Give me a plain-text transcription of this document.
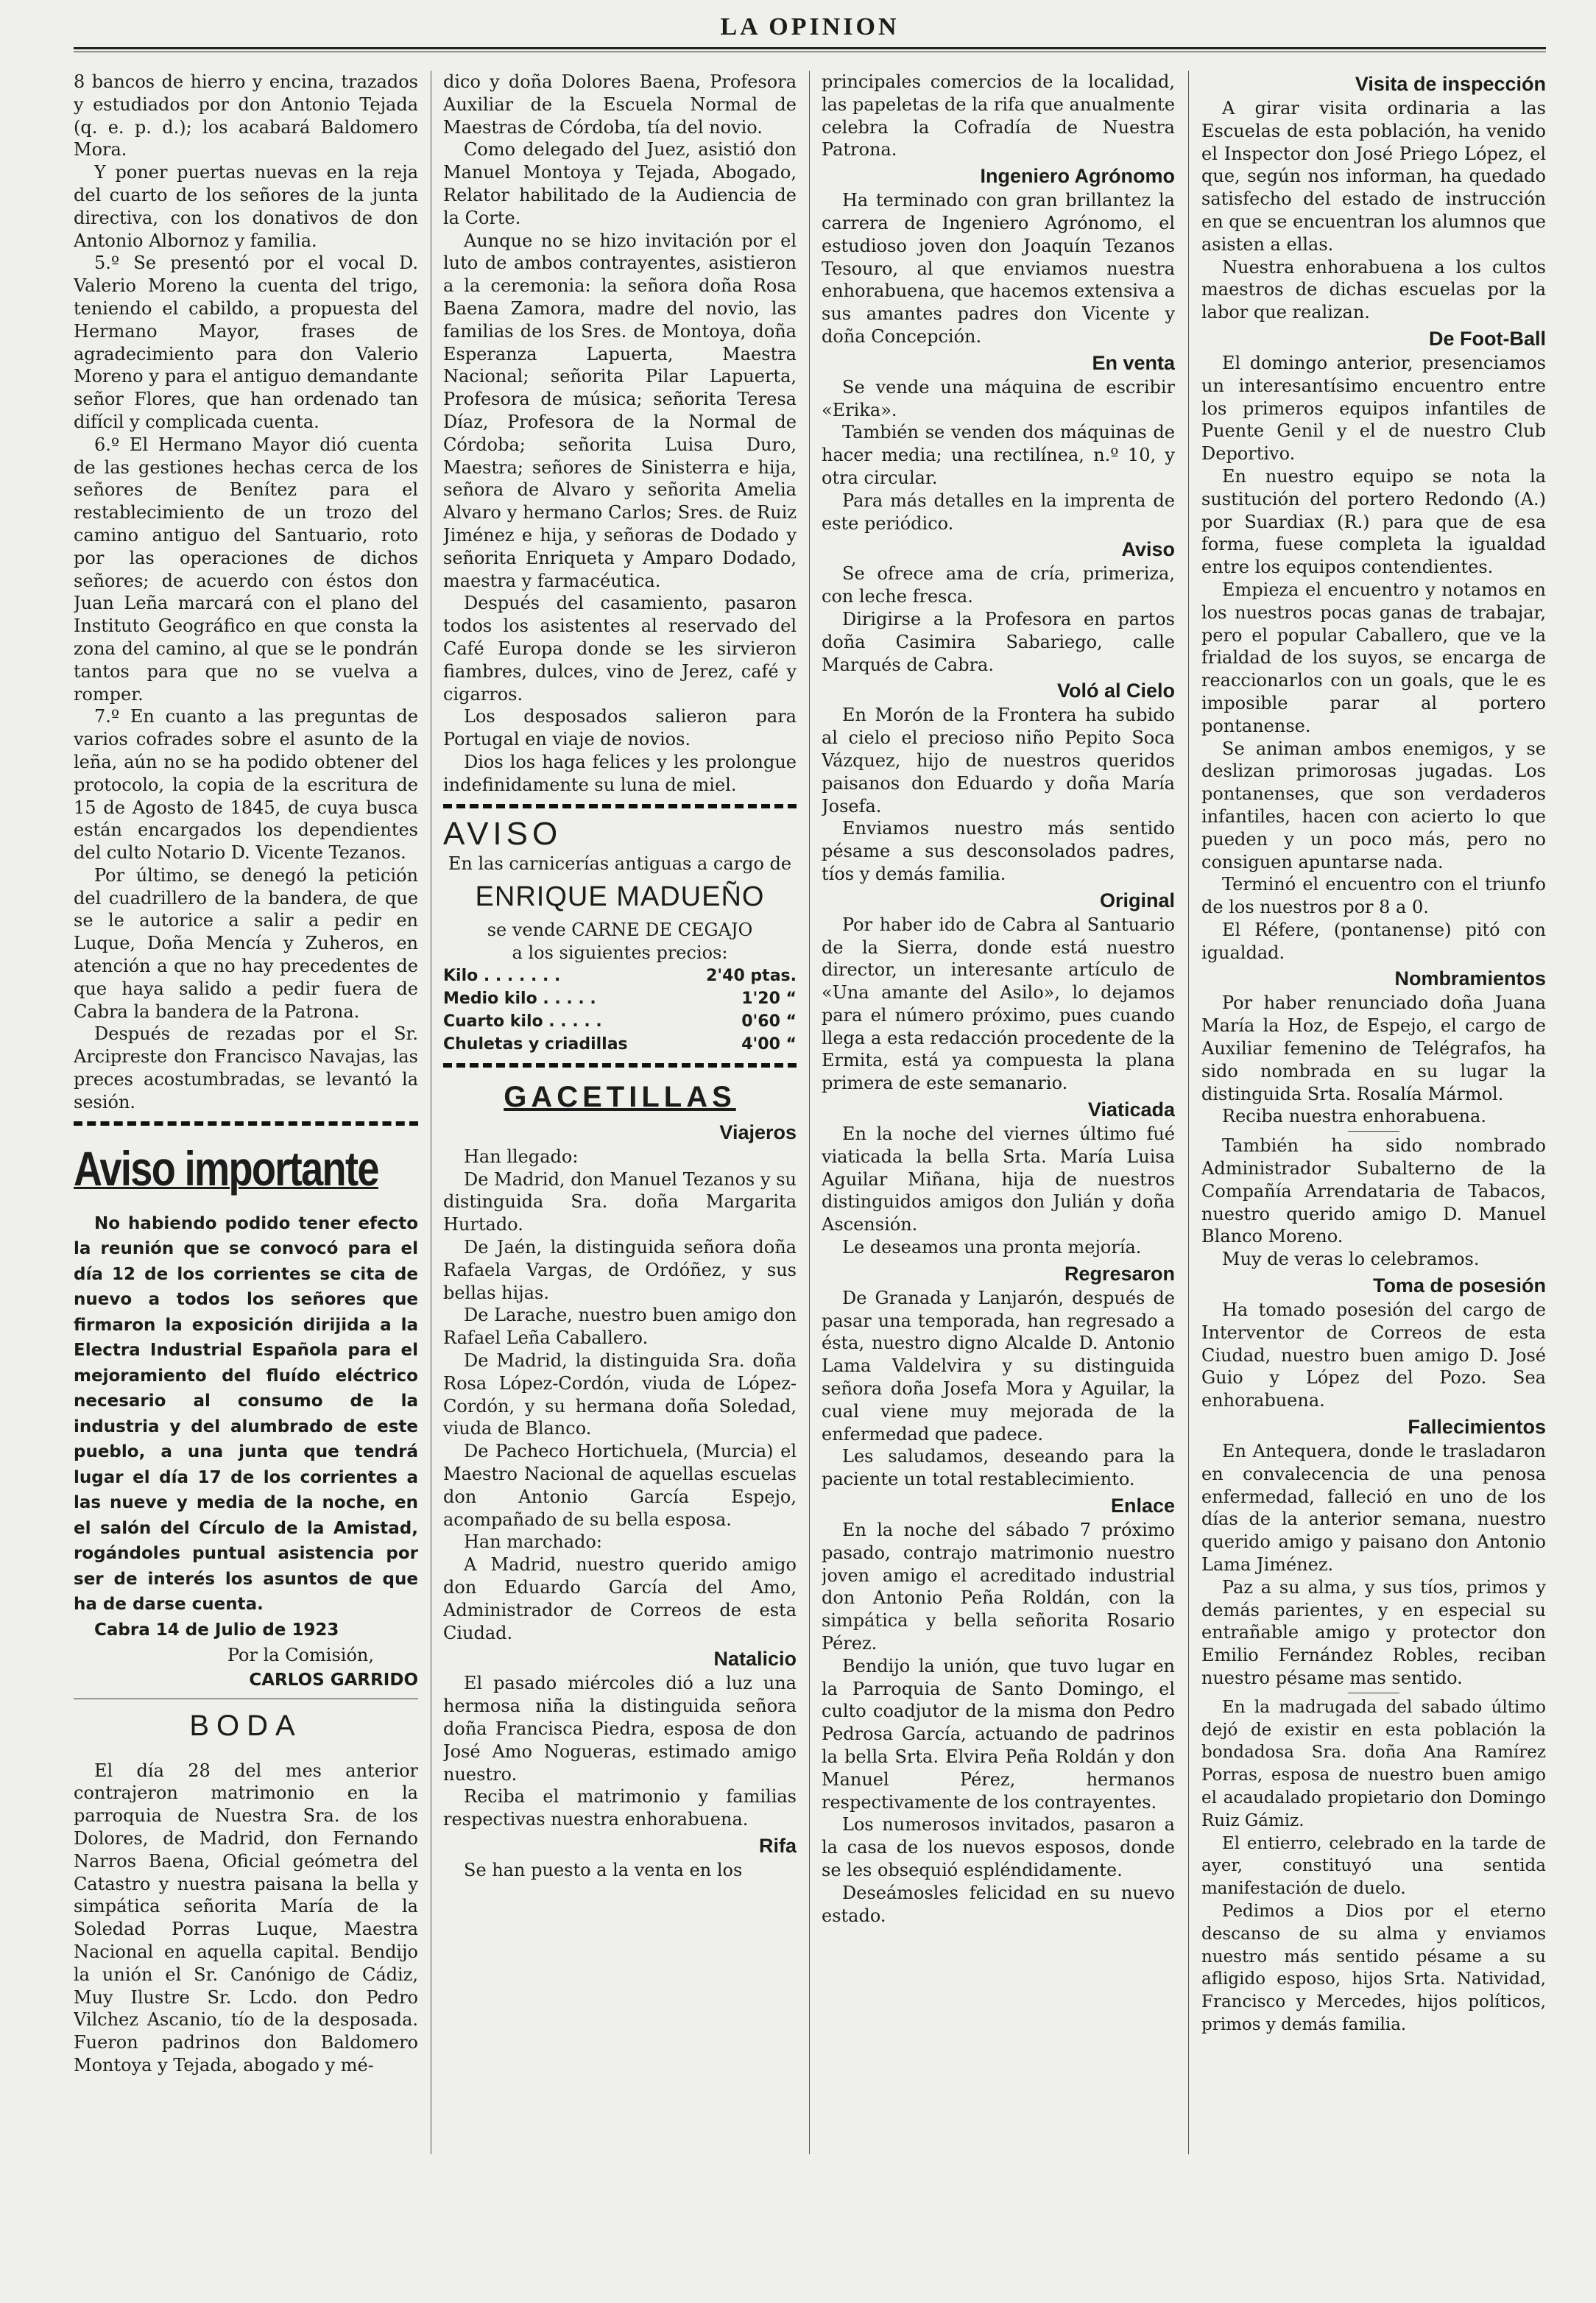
LA OPINION

8 bancos de hierro y encina, trazados y estudiados por don Antonio Tejada (q. e. p. d.); los acabará Baldomero Mora.

Y poner puertas nuevas en la reja del cuarto de los señores de la junta directiva, con los donativos de don Antonio Albornoz y familia.

5.º Se presentó por el vocal D. Valerio Moreno la cuenta del trigo, teniendo el cabildo, a propuesta del Hermano Mayor, frases de agradecimiento para don Valerio Moreno y para el antiguo demandante señor Flores, que han ordenado tan difícil y complicada cuenta.

6.º El Hermano Mayor dió cuenta de las gestiones hechas cerca de los señores de Benítez para el restablecimiento de un trozo del camino antiguo del Santuario, roto por las operaciones de dichos señores; de acuerdo con éstos don Juan Leña marcará con el plano del Instituto Geográfico en que consta la zona del camino, al que se le pondrán tantos para que no se vuelva a romper.

7.º En cuanto a las preguntas de varios cofrades sobre el asunto de la leña, aún no se ha podido obtener del protocolo, la copia de la escritura de 15 de Agosto de 1845, de cuya busca están encargados los dependientes del culto Notario D. Vicente Tezanos.

Por último, se denegó la petición del cuadrillero de la bandera, de que se le autorice a salir a pedir en Luque, Doña Mencía y Zuheros, en atención a que no hay precedentes de que haya salido a pedir fuera de Cabra la bandera de la Patrona.

Después de rezadas por el Sr. Arcipreste don Francisco Navajas, las preces acostumbradas, se levantó la sesión.

Aviso importante
No habiendo podido tener efecto la reunión que se convocó para el día 12 de los corrientes se cita de nuevo a todos los señores que firmaron la exposición dirijida a la Electra Industrial Española para el mejoramiento del fluído eléctrico necesario al consumo de la industria y del alumbrado de este pueblo, a una junta que tendrá lugar el día 17 de los corrientes a las nueve y media de la noche, en el salón del Círculo de la Amistad, rogándoles puntual asistencia por ser de interés los asuntos de que ha de darse cuenta.
Cabra 14 de Julio de 1923
Por la Comisión,
CARLOS GARRIDO
BODA

El día 28 del mes anterior contrajeron matrimonio en la parroquia de Nuestra Sra. de los Dolores, de Madrid, don Fernando Narros Baena, Oficial geómetra del Catastro y nuestra paisana la bella y simpática señorita María de la Soledad Porras Luque, Maestra Nacional en aquella capital. Bendijo la unión el Sr. Canónigo de Cádiz, Muy Ilustre Sr. Lcdo. don Pedro Vilchez Ascanio, tío de la desposada. Fueron padrinos don Baldomero Montoya y Tejada, abogado y mé-

dico y doña Dolores Baena, Profesora Auxiliar de la Escuela Normal de Maestras de Córdoba, tía del novio.

Como delegado del Juez, asistió don Manuel Montoya y Tejada, Abogado, Relator habilitado de la Audiencia de la Corte.

Aunque no se hizo invitación por el luto de ambos contrayentes, asistieron a la ceremonia: la señora doña Rosa Baena Zamora, madre del novio, las familias de los Sres. de Montoya, doña Esperanza Lapuerta, Maestra Nacional; señorita Pilar Lapuerta, Profesora de música; señorita Teresa Díaz, Profesora de la Normal de Córdoba; señorita Luisa Duro, Maestra; señores de Sinisterra e hija, señora de Alvaro y señorita Amelia Alvaro y hermano Carlos; Sres. de Ruiz Jiménez e hija, y señoras de Dodado y señorita Enriqueta y Amparo Dodado, maestra y farmacéutica.

Después del casamiento, pasaron todos los asistentes al reservado del Café Europa donde se les sirvieron fiambres, dulces, vino de Jerez, café y cigarros.

Los desposados salieron para Portugal en viaje de novios.

Dios los haga felices y les prolongue indefinidamente su luna de miel.

AVISO
En las carnicerías antiguas a cargo de
ENRIQUE MADUEÑO
se vende CARNE DE CEGAJO
a los siguientes precios:
Kilo . . . . . . .	2'40 ptas.
Medio kilo . . . . .	1'20 “
Cuarto kilo . . . . .	0'60 “
Chuletas y criadillas	4'00 “
GACETILLAS
Viajeros

Han llegado:

De Madrid, don Manuel Tezanos y su distinguida Sra. doña Margarita Hurtado.

De Jaén, la distinguida señora doña Rafaela Vargas, de Ordóñez, y sus bellas hijas.

De Larache, nuestro buen amigo don Rafael Leña Caballero.

De Madrid, la distinguida Sra. doña Rosa López-Cordón, viuda de López-Cordón, y su hermana doña Soledad, viuda de Blanco.

De Pacheco Hortichuela, (Murcia) el Maestro Nacional de aquellas escuelas don Antonio García Espejo, acompañado de su bella esposa.

Han marchado:

A Madrid, nuestro querido amigo don Eduardo García del Amo, Administrador de Correos de esta Ciudad.

Natalicio

El pasado miércoles dió a luz una hermosa niña la distinguida señora doña Francisca Piedra, esposa de don José Amo Nogueras, estimado amigo nuestro.

Reciba el matrimonio y familias respectivas nuestra enhorabuena.

Rifa

Se han puesto a la venta en los

principales comercios de la localidad, las papeletas de la rifa que anualmente celebra la Cofradía de Nuestra Patrona.

Ingeniero Agrónomo

Ha terminado con gran brillantez la carrera de Ingeniero Agrónomo, el estudioso joven don Joaquín Tezanos Tesouro, al que enviamos nuestra enhorabuena, que hacemos extensiva a sus amantes padres don Vicente y doña Concepción.

En venta

Se vende una máquina de escribir «Erika».

También se venden dos máquinas de hacer media; una rectilínea, n.º 10, y otra circular.

Para más detalles en la imprenta de este periódico.

Aviso

Se ofrece ama de cría, primeriza, con leche fresca.

Dirigirse a la Profesora en partos doña Casimira Sabariego, calle Marqués de Cabra.

Voló al Cielo

En Morón de la Frontera ha subido al cielo el precioso niño Pepito Soca Vázquez, hijo de nuestros queridos paisanos don Eduardo y doña María Josefa.

Enviamos nuestro más sentido pésame a sus desconsolados padres, tíos y demás familia.

Original

Por haber ido de Cabra al Santuario de la Sierra, donde está nuestro director, un interesante artículo de «Una amante del Asilo», lo dejamos para el número próximo, pues cuando llega a esta redacción procedente de la Ermita, está ya compuesta la plana primera de este semanario.

Viaticada

En la noche del viernes último fué viaticada la bella Srta. María Luisa Aguilar Miñana, hija de nuestros distinguidos amigos don Julián y doña Ascensión.

Le deseamos una pronta mejoría.

Regresaron

De Granada y Lanjarón, después de pasar una temporada, han regresado a ésta, nuestro digno Alcalde D. Antonio Lama Valdelvira y su distinguida señora doña Josefa Mora y Aguilar, la cual viene muy mejorada de la enfermedad que padece.

Les saludamos, deseando para la paciente un total restablecimiento.

Enlace

En la noche del sábado 7 próximo pasado, contrajo matrimonio nuestro joven amigo el acreditado industrial don Antonio Peña Roldán, con la simpática y bella señorita Rosario Pérez.

Bendijo la unión, que tuvo lugar en la Parroquia de Santo Domingo, el culto coadjutor de la misma don Pedro Pedrosa García, actuando de padrinos la bella Srta. Elvira Peña Roldán y don Manuel Pérez, hermanos respectivamente de los contrayentes.

Los numerosos invitados, pasaron a la casa de los nuevos esposos, donde se les obsequió espléndidamente.

Deseámosles felicidad en su nuevo estado.

Visita de inspección

A girar visita ordinaria a las Escuelas de esta población, ha venido el Inspector don José Priego López, el que, según nos informan, ha quedado satisfecho del estado de instrucción en que se encuentran los alumnos que asisten a ellas.

Nuestra enhorabuena a los cultos maestros de dichas escuelas por la labor que realizan.

De Foot-Ball

El domingo anterior, presenciamos un interesantísimo encuentro entre los primeros equipos infantiles de Puente Genil y el de nuestro Club Deportivo.

En nuestro equipo se nota la sustitución del portero Redondo (A.) por Suardiax (R.) para que de esa forma, fuese completa la igualdad entre los equipos contendientes.

Empieza el encuentro y notamos en los nuestros pocas ganas de trabajar, pero el popular Caballero, que ve la frialdad de los suyos, se encarga de reaccionarlos con un goals, que le es imposible parar al portero pontanense.

Se animan ambos enemigos, y se deslizan primorosas jugadas. Los pontanenses, que son verdaderos infantiles, hacen con acierto lo que pueden y un poco más, pero no consiguen apuntarse nada.

Terminó el encuentro con el triunfo de los nuestros por 8 a 0.

El Réfere, (pontanense) pitó con igualdad.

Nombramientos

Por haber renunciado doña Juana María la Hoz, de Espejo, el cargo de Auxiliar femenino de Telégrafos, ha sido nombrada en su lugar la distinguida Srta. Rosalía Mármol.

Reciba nuestra enhorabuena.

También ha sido nombrado Administrador Subalterno de la Compañía Arrendataria de Tabacos, nuestro querido amigo D. Manuel Blanco Moreno.

Muy de veras lo celebramos.

Toma de posesión

Ha tomado posesión del cargo de Interventor de Correos de esta Ciudad, nuestro buen amigo D. José Guio y López del Pozo. Sea enhorabuena.

Fallecimientos

En Antequera, donde le trasladaron en convalecencia de una penosa enfermedad, falleció en uno de los días de la anterior semana, nuestro querido amigo y paisano don Antonio Lama Jiménez.

Paz a su alma, y sus tíos, primos y demás parientes, y en especial su entrañable amigo y protector don Emilio Fernández Robles, reciban nuestro pésame mas sentido.

En la madrugada del sabado último dejó de existir en esta población la bondadosa Sra. doña Ana Ramírez Porras, esposa de nuestro buen amigo el acaudalado propietario don Domingo Ruiz Gámiz.

El entierro, celebrado en la tarde de ayer, constituyó una sentida manifestación de duelo.

Pedimos a Dios por el eterno descanso de su alma y enviamos nuestro más sentido pésame a su afligido esposo, hijos Srta. Natividad, Francisco y Mercedes, hijos políticos, primos y demás familia.
